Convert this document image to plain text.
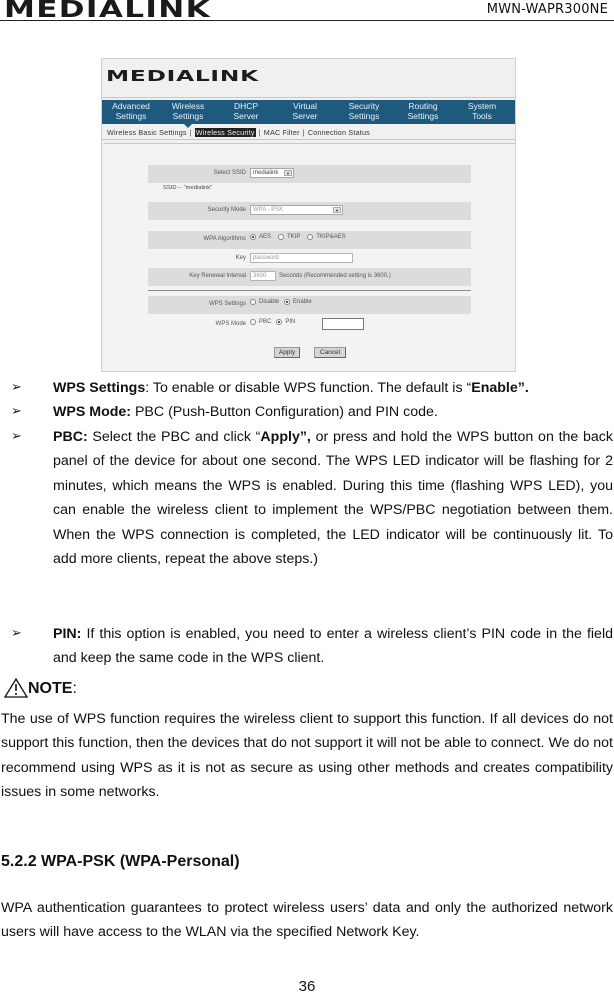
MEDIALINK	MWN-WAPR300NE
MEDIALINK
Advanced
Settings
Wireless
Settings
DHCP
Server
Virtual
Server
Security
Settings
Routing
Settings
System
Tools
Wireless Basic Settings | Wireless Security | MAC Filter | Connection Status
Select SSID medialink	▼
SSID -- "medialink"
Security Mode WPA - PSK	▼
WPA Algorithms AES	TKIP	TKIP&AES
Key	password
Key Renewal Interval	3600	Seconds (Recommended setting is 3600.)
WPS Settings Disable Enable
WPS Mode PBC PIN
Apply	Cancel
➢ WPS Settings: To enable or disable WPS function. The default is “Enable”.
➢ WPS Mode: PBC (Push-Button Configuration) and PIN code.
➢ PBC: Select the PBC and click “Apply”, or press and hold the WPS button on the back panel of the device for about one second. The WPS LED indicator will be flashing for 2 minutes, which means the WPS is enabled. During this time (flashing WPS LED), you can enable the wireless client to implement the WPS/PBC negotiation between them. When the WPS connection is completed, the LED indicator will be continuously lit. To add more clients, repeat the above steps.)
➢ PIN: If this option is enabled, you need to enter a wireless client’s PIN code in the field and keep the same code in the WPS client.
NOTE :
The use of WPS function requires the wireless client to support this function. If all devices do not support this function, then the devices that do not support it will not be able to connect. We do not recommend using WPS as it is not as secure as using other methods and creates compatibility issues in some networks.
5.2.2 WPA-PSK (WPA-Personal)
WPA authentication guarantees to protect wireless users’ data and only the authorized network users will have access to the WLAN via the specified Network Key.
36
